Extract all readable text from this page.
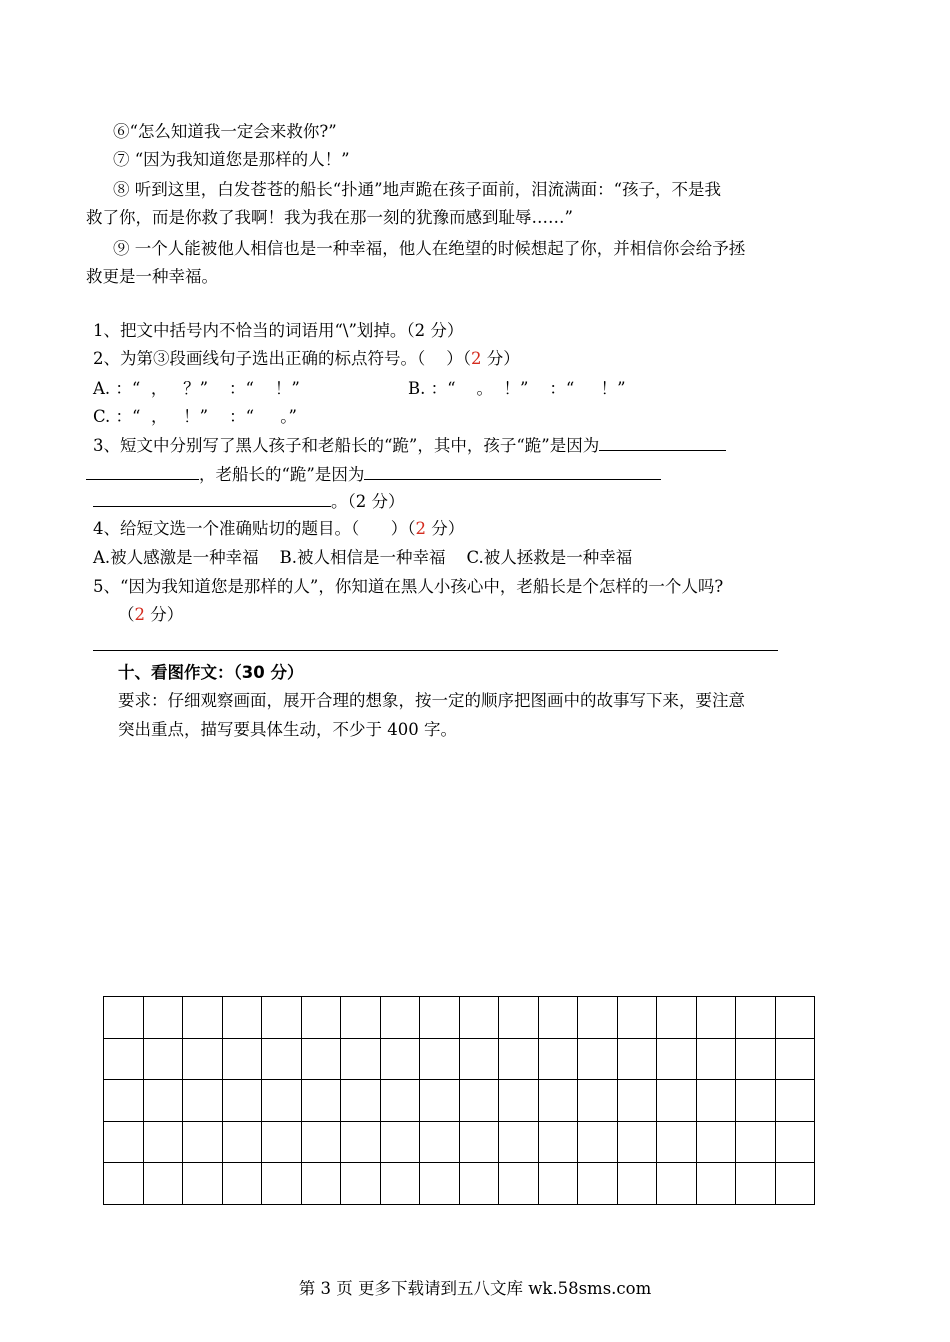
⑥“怎么知道我一定会来救你?”
⑦ “因为我知道您是那样的人！”
⑧ 听到这里，白发苍苍的船长“扑通”地声跪在孩子面前，泪流满面：“孩子，不是我
救了你，而是你救了我啊！我为我在那一刻的犹豫而感到耻辱……”
⑨ 一个人能被他人相信也是一种幸福，他人在绝望的时候想起了你，并相信你会给予拯
救更是一种幸福。
1、把文中括号内不恰当的词语用“\”划掉。（2 分）
2、为第③段画线句子选出正确的标点符号。（    ）（2 分）
A. ：“  ，   ？”    ：“    ！”	B. ：“    。  ！”    ：“     ！”
C. ：“  ，   ！”    ：“     。”
3、短文中分别写了黑人孩子和老船长的“跪”，其中，孩子“跪”是因为
，老船长的“跪”是因为
。（2 分）
4、给短文选一个准确贴切的题目。（      ）（2 分）
A.被人感激是一种幸福    B.被人相信是一种幸福    C.被人拯救是一种幸福
5、“因为我知道您是那样的人”，你知道在黑人小孩心中，老船长是个怎样的一个人吗?
（2 分）
十、看图作文：（30 分）
要求：仔细观察画面，展开合理的想象，按一定的顺序把图画中的故事写下来，要注意
突出重点，描写要具体生动，不少于 400 字。

第 3 页 更多下载请到五八文库 wk.58sms.com
